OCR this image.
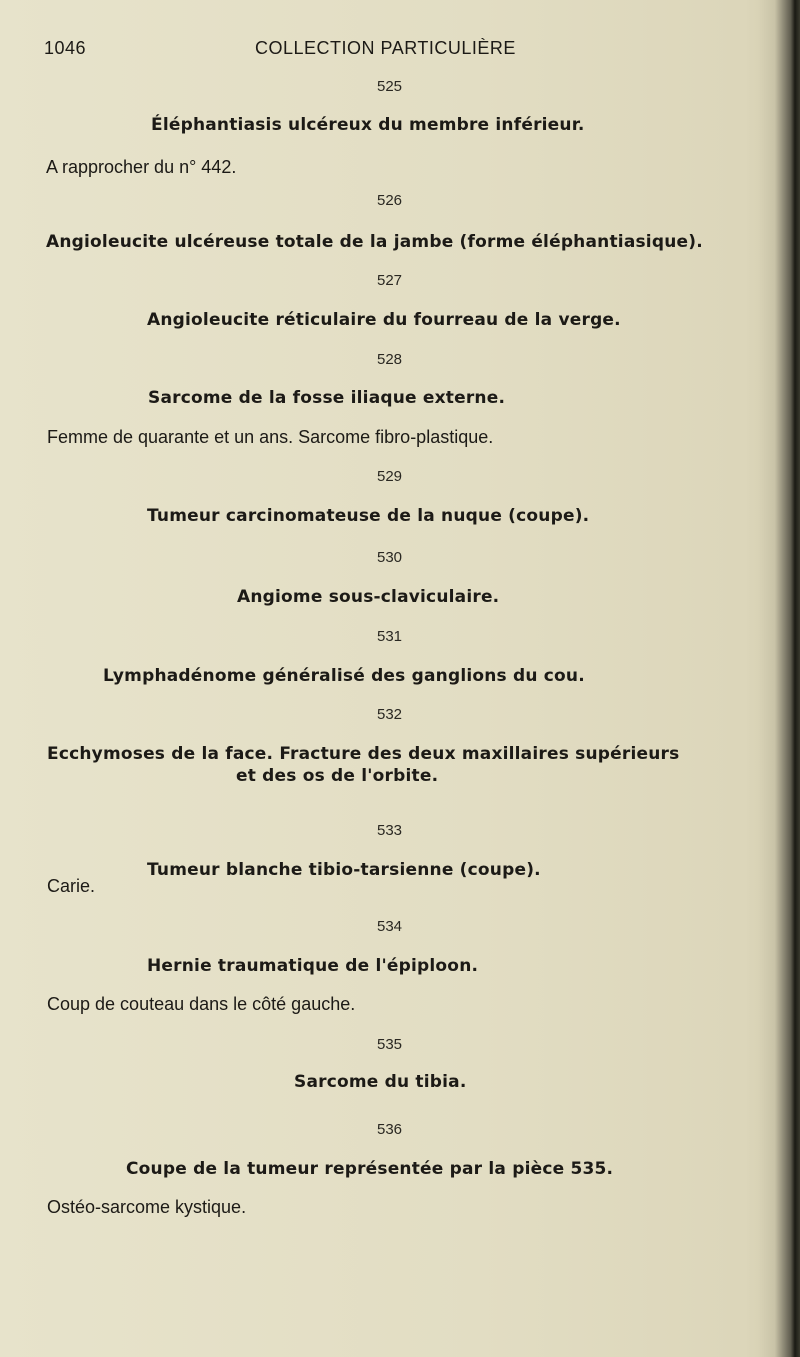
1046	COLLECTION PARTICULIÈRE

525

Éléphantiasis ulcéreux du membre inférieur.

A rapprocher du n° 442.

526

Angioleucite ulcéreuse totale de la jambe (forme éléphantiasique).

527

Angioleucite réticulaire du fourreau de la verge.

528

Sarcome de la fosse iliaque externe.

Femme de quarante et un ans. Sarcome fibro-plastique.

529

Tumeur carcinomateuse de la nuque (coupe).

530

Angiome sous-claviculaire.

531

Lymphadénome généralisé des ganglions du cou.

532

Ecchymoses de la face. Fracture des deux maxillaires supérieurs

et des os de l'orbite.

533

Tumeur blanche tibio-tarsienne (coupe).

Carie.

534

Hernie traumatique de l'épiploon.

Coup de couteau dans le côté gauche.

535

Sarcome du tibia.

536

Coupe de la tumeur représentée par la pièce 535.

Ostéo-sarcome kystique.
